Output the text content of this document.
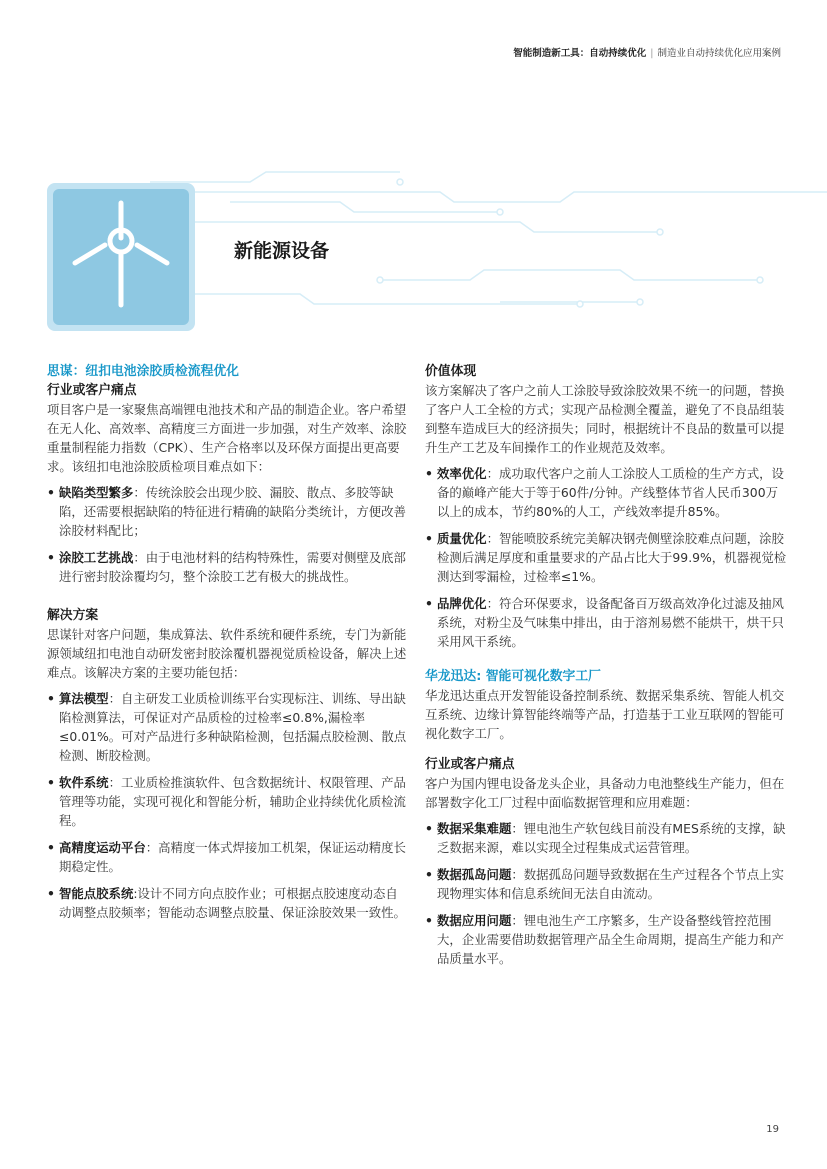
智能制造新工具：自动持续优化 | 制造业自动持续优化应用案例
新能源设备

思谋：纽扣电池涂胶质检流程优化

行业或客户痛点

项目客户是一家聚焦高端锂电池技术和产品的制造企业。客户希望在无人化、高效率、高精度三方面进一步加强，对生产效率、涂胶重量制程能力指数（CPK）、生产合格率以及环保方面提出更高要求。该纽扣电池涂胶质检项目难点如下：

• 缺陷类型繁多：传统涂胶会出现少胶、漏胶、散点、多胶等缺陷，还需要根据缺陷的特征进行精确的缺陷分类统计，方便改善涂胶材料配比；
• 涂胶工艺挑战：由于电池材料的结构特殊性，需要对侧壁及底部进行密封胶涂覆均匀，整个涂胶工艺有极大的挑战性。

解决方案

思谋针对客户问题，集成算法、软件系统和硬件系统，专门为新能源领域纽扣电池自动研发密封胶涂覆机器视觉质检设备，解决上述难点。该解决方案的主要功能包括：

• 算法模型：自主研发工业质检训练平台实现标注、训练、导出缺陷检测算法，可保证对产品质检的过检率≤0.8%,漏检率≤0.01%。可对产品进行多种缺陷检测，包括漏点胶检测、散点检测、断胶检测。
• 软件系统：工业质检推演软件、包含数据统计、权限管理、产品管理等功能，实现可视化和智能分析，辅助企业持续优化质检流程。
• 高精度运动平台：高精度一体式焊接加工机架，保证运动精度长期稳定性。
• 智能点胶系统:设计不同方向点胶作业；可根据点胶速度动态自动调整点胶频率；智能动态调整点胶量、保证涂胶效果一致性。

价值体现

该方案解决了客户之前人工涂胶导致涂胶效果不统一的问题，替换了客户人工全检的方式；实现产品检测全覆盖，避免了不良品组装到整车造成巨大的经济损失；同时，根据统计不良品的数量可以提升生产工艺及车间操作工的作业规范及效率。

• 效率优化：成功取代客户之前人工涂胶人工质检的生产方式，设备的巅峰产能大于等于60件/分钟。产线整体节省人民币300万以上的成本，节约80%的人工，产线效率提升85%。
• 质量优化：智能喷胶系统完美解决钢壳侧壁涂胶难点问题，涂胶检测后满足厚度和重量要求的产品占比大于99.9%，机器视觉检测达到零漏检，过检率≤1%。
• 品牌优化：符合环保要求，设备配备百万级高效净化过滤及抽风系统，对粉尘及气味集中排出，由于溶剂易燃不能烘干，烘干只采用风干系统。

华龙迅达: 智能可视化数字工厂

华龙迅达重点开发智能设备控制系统、数据采集系统、智能人机交互系统、边缘计算智能终端等产品，打造基于工业互联网的智能可视化数字工厂。

行业或客户痛点

客户为国内锂电设备龙头企业，具备动力电池整线生产能力，但在部署数字化工厂过程中面临数据管理和应用难题：

• 数据采集难题：锂电池生产软包线目前没有MES系统的支撑，缺乏数据来源，难以实现全过程集成式运营管理。
• 数据孤岛问题：数据孤岛问题导致数据在生产过程各个节点上实现物理实体和信息系统间无法自由流动。
• 数据应用问题：锂电池生产工序繁多，生产设备整线管控范围大，企业需要借助数据管理产品全生命周期，提高生产能力和产品质量水平。
19
